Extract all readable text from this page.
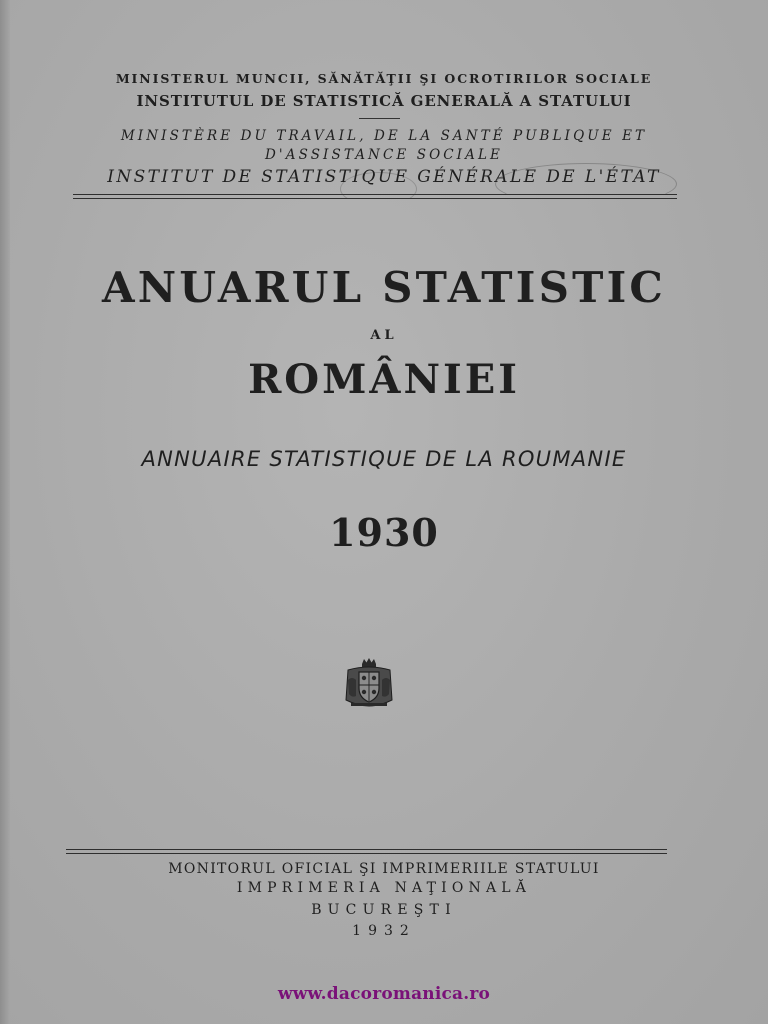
MINISTERUL MUNCII, SĂNĂTĂŢII ŞI OCROTIRILOR SOCIALE
INSTITUTUL DE STATISTICĂ GENERALĂ A STATULUI
MINISTÈRE DU TRAVAIL, DE LA SANTÉ PUBLIQUE ET
D'ASSISTANCE SOCIALE
INSTITUT DE STATISTIQUE GÉNÉRALE DE L'ÉTAT
ANUARUL STATISTIC
AL
ROMÂNIEI
ANNUAIRE STATISTIQUE DE LA ROUMANIE
1930
MONITORUL OFICIAL ŞI IMPRIMERIILE STATULUI
IMPRIMERIA NAŢIONALĂ
BUCUREŞTI
1932
www.dacoromanica.ro
